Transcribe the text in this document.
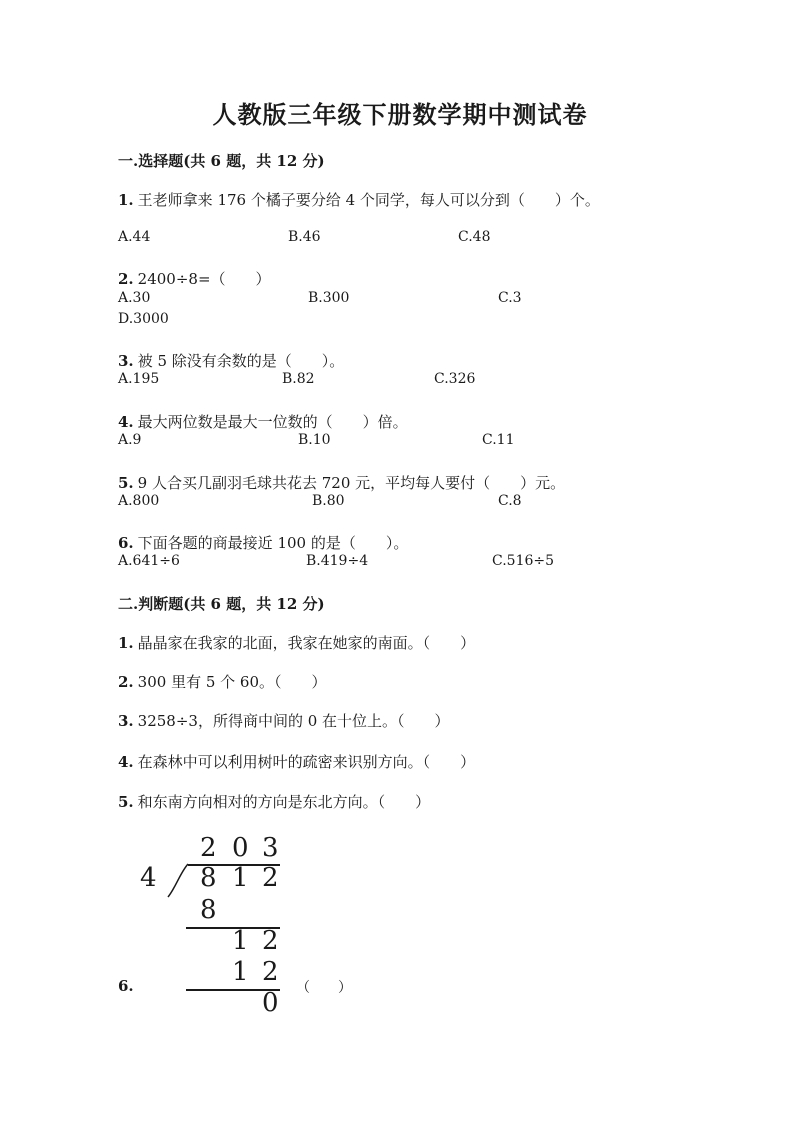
人教版三年级下册数学期中测试卷
一.选择题(共 6 题，共 12 分)
1. 王老师拿来 176 个橘子要分给 4 个同学，每人可以分到（　　）个。
A.44	B.46	C.48
2. 2400÷8=（　　）
A.30	B.300	C.3
D.3000
3. 被 5 除没有余数的是（　　）。
A.195	B.82	C.326
4. 最大两位数是最大一位数的（　　）倍。
A.9	B.10	C.11
5. 9 人合买几副羽毛球共花去 720 元，平均每人要付（　　）元。
A.800	B.80	C.8
6. 下面各题的商最接近 100 的是（　　）。
A.641÷6	B.419÷4	C.516÷5
二.判断题(共 6 题，共 12 分)
1. 晶晶家在我家的北面，我家在她家的南面。（　　）
2. 300 里有 5 个 60。（　　）
3. 3258÷3，所得商中间的 0 在十位上。（　　）
4. 在森林中可以利用树叶的疏密来识别方向。（　　）
5. 和东南方向相对的方向是东北方向。（　　）
6.	（　　）
2 0 3
4 8 1 2
8
1 2
1 2
0
